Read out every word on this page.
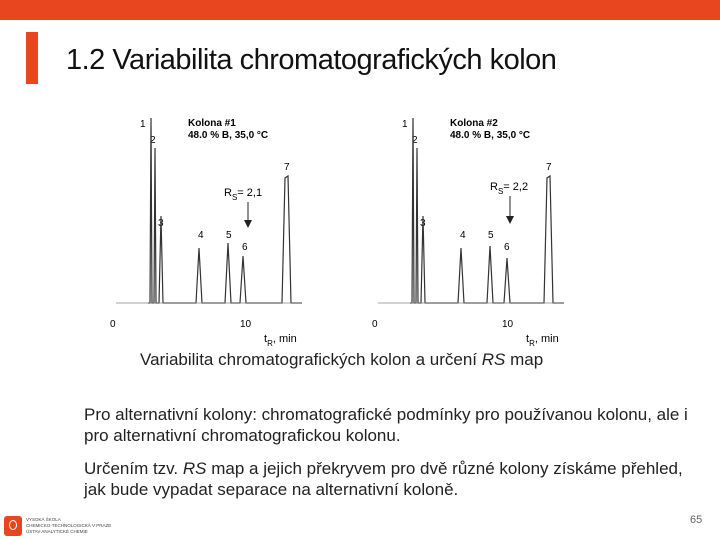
1.2 Variabilita chromatografických kolon
Kolona #1
48.0 % B, 35,0 °C
1
2
3
4 5
6
7
$R_S= 2,1$
0	10
$t_R$, min
Kolona #2
48.0 % B, 35,0 °C
1
2
3
4 5
6
7
$R_S= 2,2$
0	10
$t_R$, min
Variabilita chromatografických kolon a určení RS map
Pro alternativní kolony: chromatografické podmínky pro používanou kolonu, ale i pro alternativní chromatografickou kolonu.
Určením tzv. RS map a jejich překryvem pro dvě různé kolony získáme přehled, jak bude vypadat separace na alternativní koloně.
VYSOKÁ ŠKOLA
CHEMICKO-TECHNOLOGICKÁ V PRAZE
ÚSTAV ANALYTICKÉ CHEMIE
65
